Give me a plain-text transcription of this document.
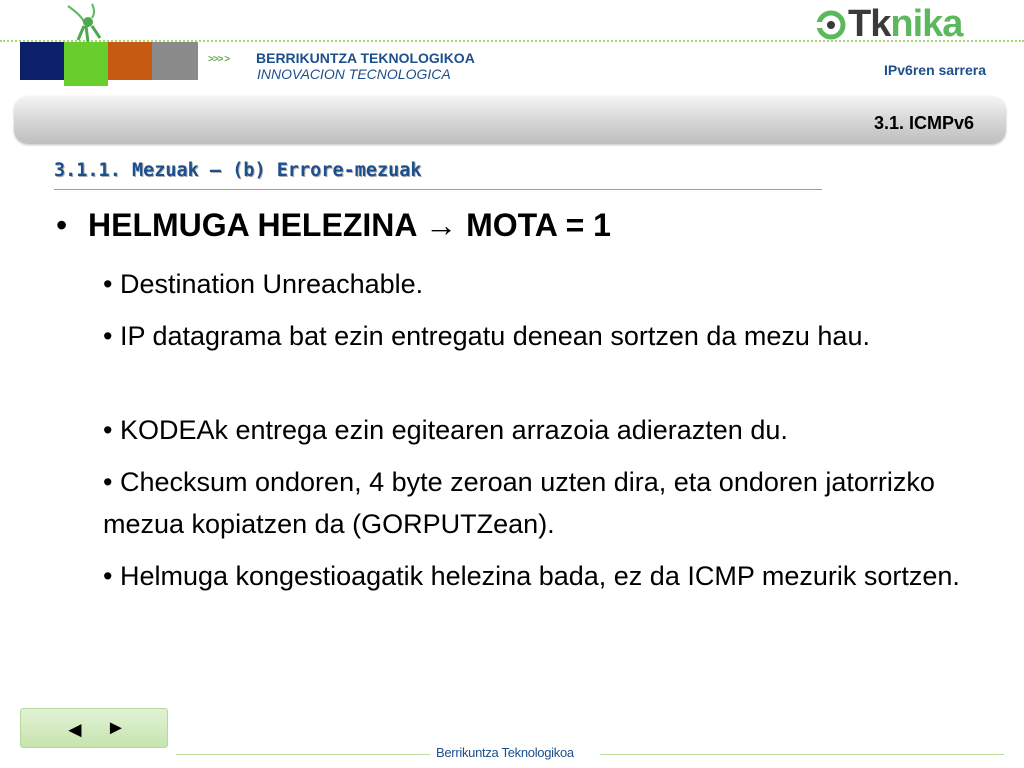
>>> > BERRIKUNTZA TEKNOLOGIKOA
INNOVACION TECNOLOGICA
Tknika
IPv6ren sarrera
3.1. ICMPv6
3.1.1. Mezuak – (b) Errore-mezuak
• HELMUGA HELEZINA → MOTA = 1
• Destination Unreachable.
• IP datagrama bat ezin entregatu denean sortzen da mezu hau.
• KODEAk entrega ezin egitearen arrazoia adierazten du.
• Checksum ondoren, 4 byte zeroan uzten dira, eta ondoren jatorrizko mezua kopiatzen da (GORPUTZean).
• Helmuga kongestioagatik helezina bada, ez da ICMP mezurik sortzen.
◄ ►
Berrikuntza Teknologikoa
